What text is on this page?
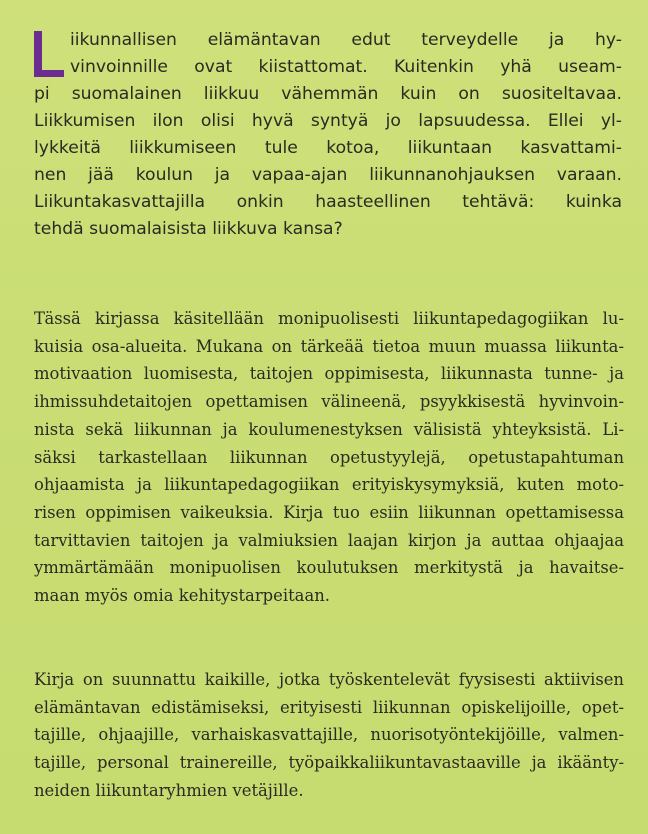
iikunnallisen elämäntavan edut terveydelle ja hy-
vinvoinnille ovat kiistattomat. Kuitenkin yhä useam-
pi suomalainen liikkuu vähemmän kuin on suositeltavaa.
Liikkumisen ilon olisi hyvä syntyä jo lapsuudessa. Ellei yl-
lykkeitä liikkumiseen tule kotoa, liikuntaan kasvattami-
nen jää koulun ja vapaa-ajan liikunnanohjauksen varaan.
Liikuntakasvattajilla onkin haasteellinen tehtävä: kuinka
tehdä suomalaisista liikkuva kansa?
Tässä kirjassa käsitellään monipuolisesti liikuntapedagogiikan lu-
kuisia osa-alueita. Mukana on tärkeää tietoa muun muassa liikunta-
motivaation luomisesta, taitojen oppimisesta, liikunnasta tunne- ja
ihmissuhdetaitojen opettamisen välineenä, psyykkisestä hyvinvoin-
nista sekä liikunnan ja koulumenestyksen välisistä yhteyksistä. Li-
säksi tarkastellaan liikunnan opetustyylejä, opetustapahtuman
ohjaamista ja liikuntapedagogiikan erityiskysymyksiä, kuten moto-
risen oppimisen vaikeuksia. Kirja tuo esiin liikunnan opettamisessa
tarvittavien taitojen ja valmiuksien laajan kirjon ja auttaa ohjaajaa
ymmärtämään monipuolisen koulutuksen merkitystä ja havaitse-
maan myös omia kehitystarpeitaan.
Kirja on suunnattu kaikille, jotka työskentelevät fyysisesti aktiivisen
elämäntavan edistämiseksi, erityisesti liikunnan opiskelijoille, opet-
tajille, ohjaajille, varhaiskasvattajille, nuorisotyöntekijöille, valmen-
tajille, personal trainereille, työpaikkaliikuntavastaaville ja ikäänty-
neiden liikuntaryhmien vetäjille.
